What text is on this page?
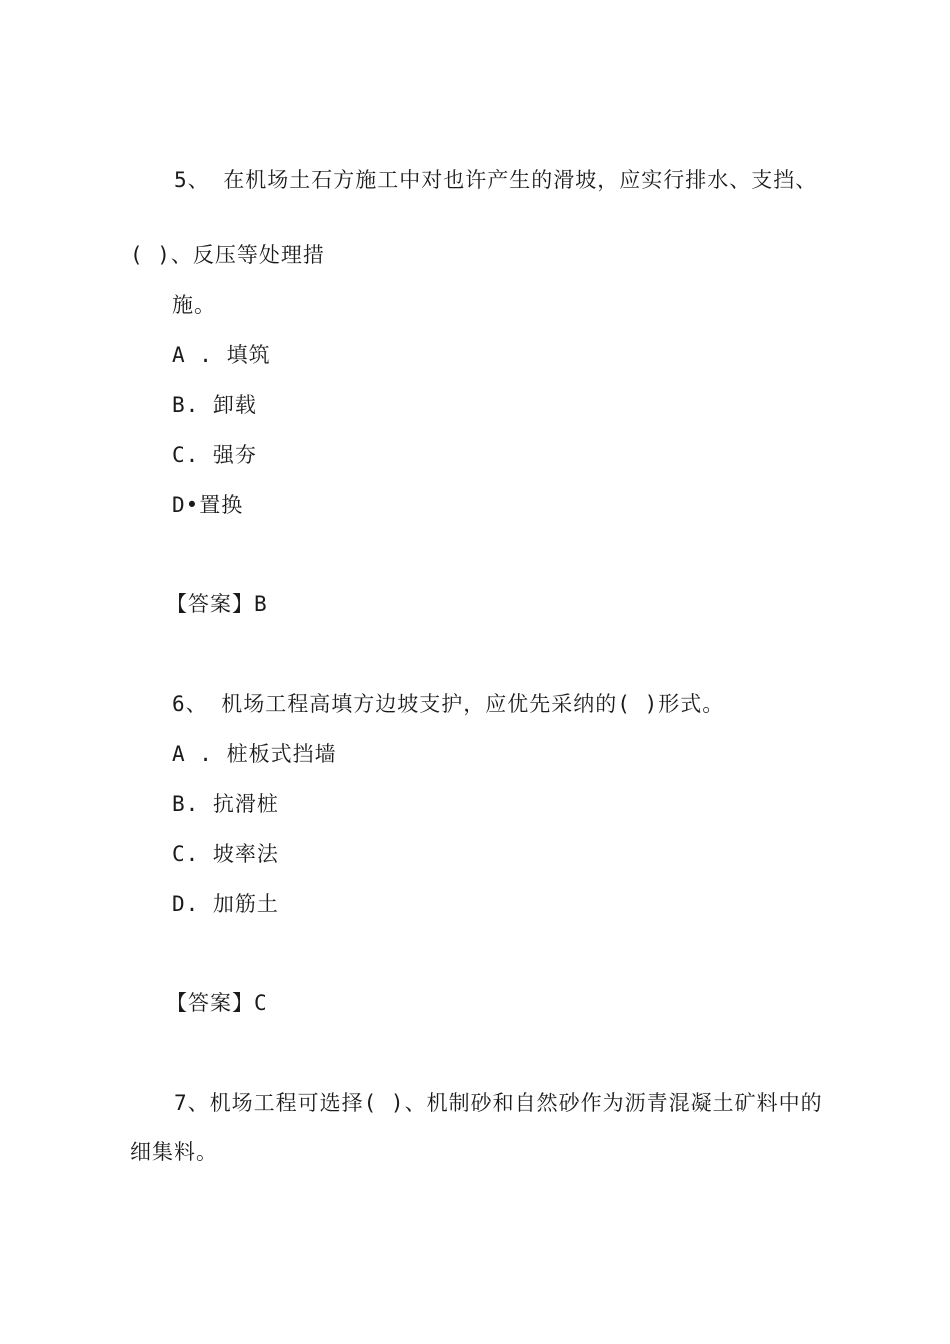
5、 在机场土石方施工中对也许产生的滑坡，应实行排水、支挡、
( )、反压等处理措
施。
A . 填筑
B. 卸载
C. 强夯
D•置换
【答案】B
6、 机场工程高填方边坡支护，应优先采纳的( )形式。
A . 桩板式挡墙
B. 抗滑桩
C. 坡率法
D. 加筋土
【答案】C
7、机场工程可选择( )、机制砂和自然砂作为沥青混凝土矿料中的
细集料。
